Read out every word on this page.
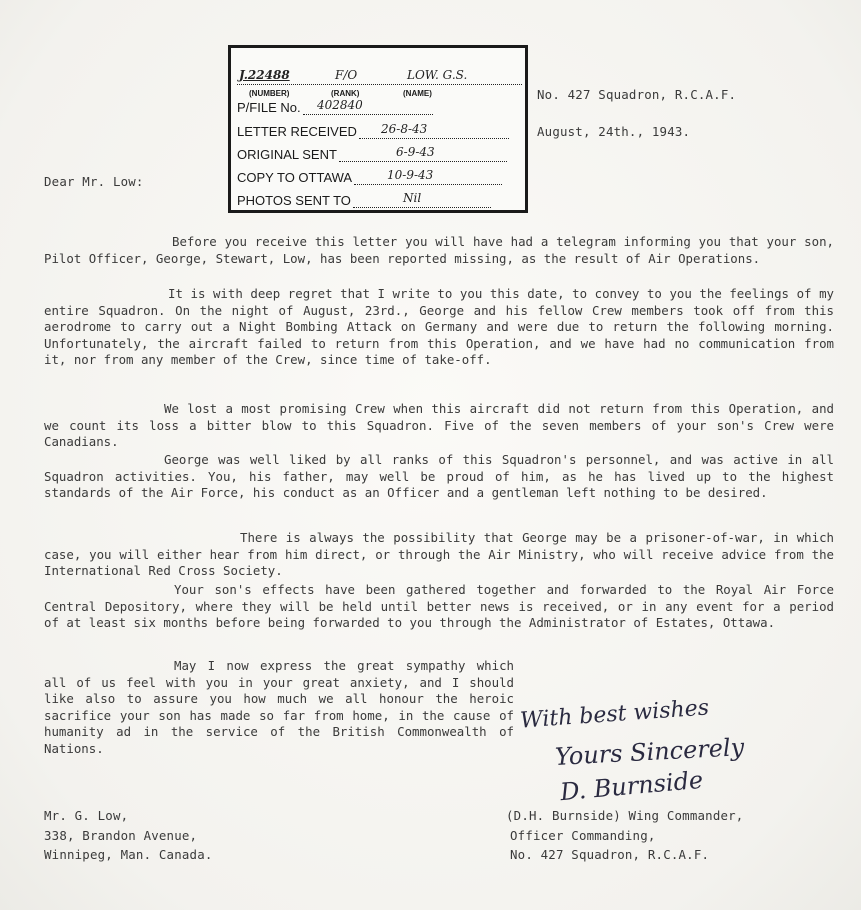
J.22488	F/O	LOW. G.S.
(NUMBER)	(RANK)	(NAME)
P/FILE No.	402840
LETTER RECEIVED	26-8-43
ORIGINAL SENT	6-9-43
COPY TO OTTAWA	10-9-43
PHOTOS SENT TO	Nil
No. 427 Squadron, R.C.A.F.
August, 24th., 1943.
Dear Mr. Low:
Before you receive this letter you will have had a telegram informing you that your son, Pilot Officer, George, Stewart, Low, has been reported missing, as the result of Air Operations.
It is with deep regret that I write to you this date, to convey to you the feelings of my entire Squadron. On the night of August, 23rd., George and his fellow Crew members took off from this aerodrome to carry out a Night Bombing Attack on Germany and were due to return the following morning. Unfortunately, the aircraft failed to return from this Operation, and we have had no communication from it, nor from any member of the Crew, since time of take-off.
We lost a most promising Crew when this aircraft did not return from this Operation, and we count its loss a bitter blow to this Squadron. Five of the seven members of your son's Crew were Canadians.
George was well liked by all ranks of this Squadron's personnel, and was active in all Squadron activities. You, his father, may well be proud of him, as he has lived up to the highest standards of the Air Force, his conduct as an Officer and a gentleman left nothing to be desired.
There is always the possibility that George may be a prisoner-of-war, in which case, you will either hear from him direct, or through the Air Ministry, who will receive advice from the International Red Cross Society.
Your son's effects have been gathered together and forwarded to the Royal Air Force Central Depository, where they will be held until better news is received, or in any event for a period of at least six months before being forwarded to you through the Administrator of Estates, Ottawa.
May I now express the great sympathy which all of us feel with you in your great anxiety, and I should like also to assure you how much we all honour the heroic sacrifice your son has made so far from home, in the cause of humanity ad in the service of the British Commonwealth of Nations.
With best wishes
Yours Sincerely
D. Burnside
Mr. G. Low,
338, Brandon Avenue,
Winnipeg, Man. Canada.
(D.H. Burnside) Wing Commander,
Officer Commanding,
No. 427 Squadron, R.C.A.F.
